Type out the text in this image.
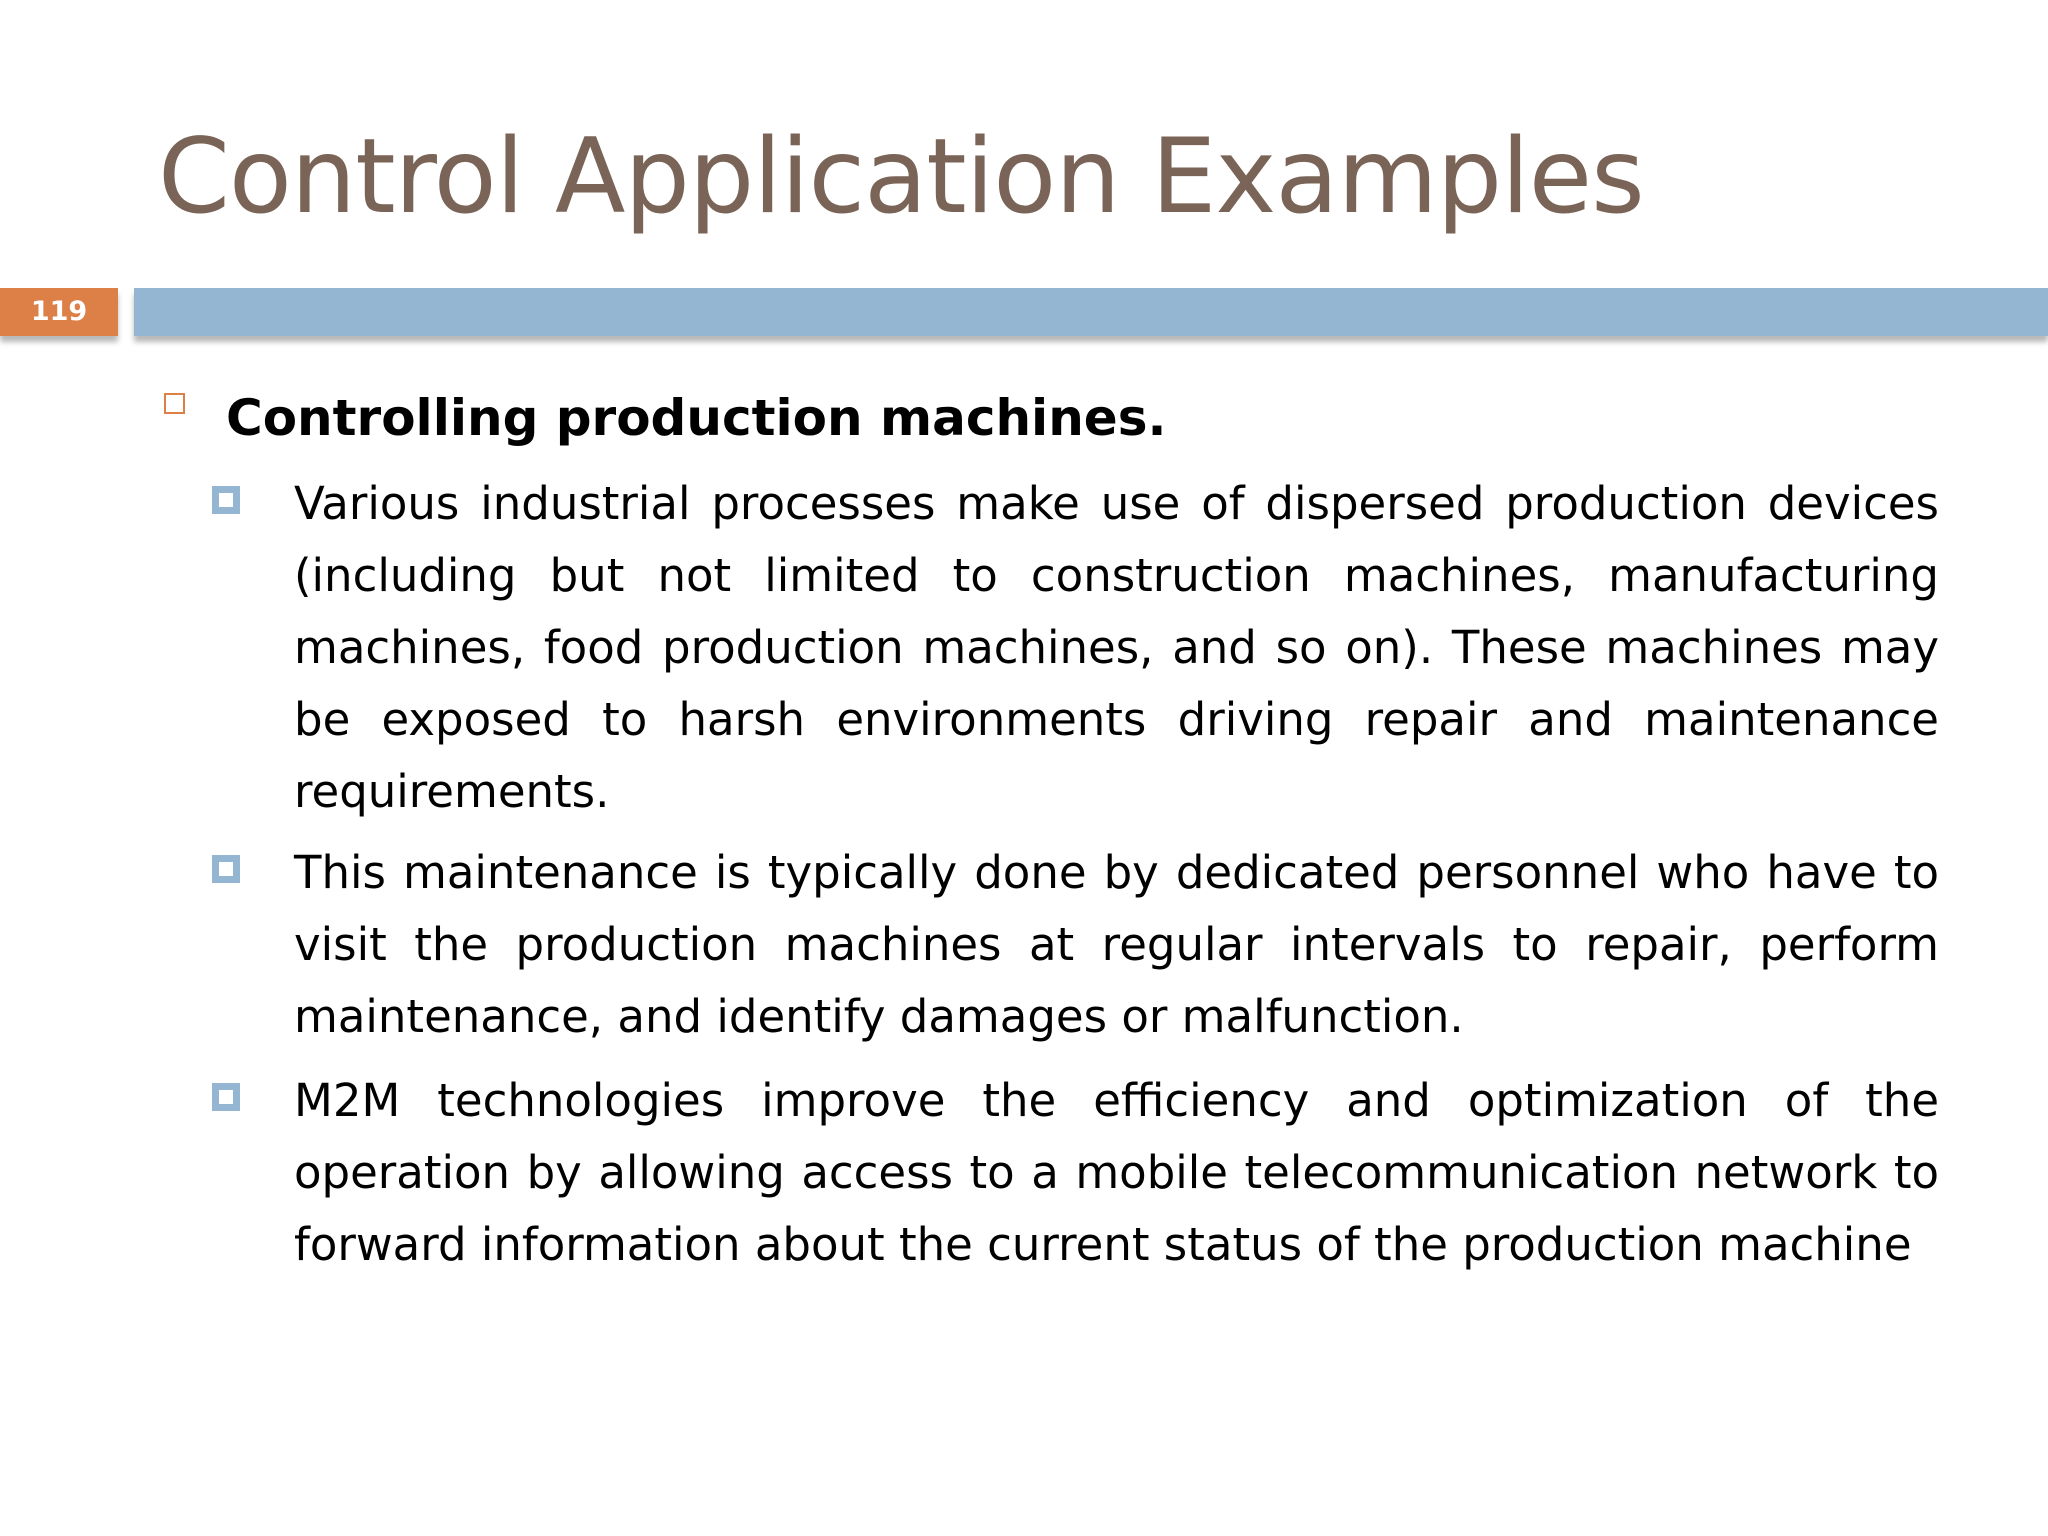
Control Application Examples
119

Controlling production machines.

Various industrial processes make use of dispersed production devices (including but not limited to construction machines, manufacturing machines, food production machines, and so on). These machines may be exposed to harsh environments driving repair and maintenance requirements.

This maintenance is typically done by dedicated personnel who have to visit the production machines at regular intervals to repair, perform maintenance, and identify damages or malfunction.

M2M technologies improve the efficiency and optimization of the operation by allowing access to a mobile telecommunication network to forward information about the current status of the production machine
